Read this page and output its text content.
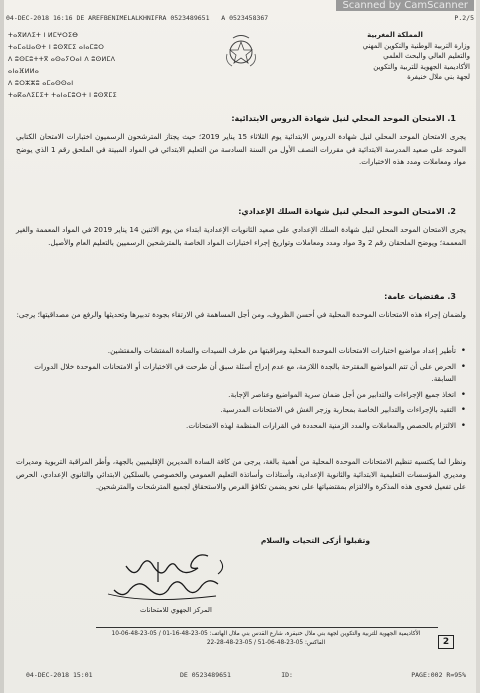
Scanned by CamScanner
04-DEC-2018 16:16 DE AREFBENIMELALKHNIFRA 0523489651 A 0523458367	P.2/5
ⵜⴰⴳⵍⴷⵉⵜ ⵏ ⵍⵎⵖⵔⵉⴱ
ⵜⴰⵎⴰⵡⴰⵙⵜ ⵏ ⵓⵙⴳⵎⵉ ⴰⵏⴰⵎⵓⵔ
ⴷ ⵓⵙⵎⵓⵜⵜⴳ ⴰⵙⴰⵢⵔⴰⵏ ⴷ ⵓⵙⵍⵎⴷ ⴰⵏⴰⴼⵍⵍⴰ
ⴷ ⵓⵔⵣⵣⵓ ⴰⵎⴰⵙⵙⴰⵏ
ⵜⴰⴽⴰⴷⵉⵎⵉⵜ ⵜⴰⵏⴰⵎⵓⵔⵜ ⵏ ⵓⵙⴳⵎⵉ
المملكة المغربية
وزارة التربية الوطنية والتكوين المهني
والتعليم العالي والبحث العلمي
الأكاديمية الجهوية للتربية والتكوين
لجهة بني ملال خنيفرة
1. الامتحان الموحد المحلي لنيل شهادة الدروس الابتدائية:

يجرى الامتحان الموحد المحلي لنيل شهادة الدروس الابتدائية يوم الثلاثاء 15 يناير 2019؛ حيث يجتاز المترشحون الرسميون اختبارات الامتحان الكتابي الموحد على صعيد المدرسة الابتدائية في مقررات النصف الأول من السنة السادسة من التعليم الابتدائي في المواد المبينة في الملحق رقم 1 الذي يوضح مواد ومعاملات ومدد هذه الاختبارات.

2. الامتحان الموحد المحلي لنيل شهادة السلك الإعدادي:

يجرى الامتحان الموحد المحلي لنيل شهادة السلك الإعدادي على صعيد الثانويات الإعدادية ابتداء من يوم الاثنين 14 يناير 2019 في المواد المعممة والغير المعممة؛ ويوضح الملحقان رقم 2 و3 مواد ومدد ومعاملات وتواريخ إجراء اختبارات المواد الخاصة بالمترشحين الرسميين بالتعليم العام والأصيل.

3. مقتضيات عامة:

ولضمان إجراء هذه الامتحانات الموحدة المحلية في أحسن الظروف، ومن أجل المساهمة في الارتقاء بجودة تدبيرها وتحديثها والرفع من مصداقيتها؛ يرجى:

• تأطير إعداد مواضيع اختبارات الامتحانات الموحدة المحلية ومراقبتها من طرف السيدات والسادة المفتشات والمفتشين.
• الحرص على أن تتم المواضيع المقترحة بالجدة اللازمة، مع عدم إدراج أسئلة سبق أن طرحت في الاختبارات أو الامتحانات الموحدة خلال الدورات السابقة.
• اتخاذ جميع الإجراءات والتدابير من أجل ضمان سرية المواضيع وعناصر الإجابة.
• التقيد بالإجراءات والتدابير الخاصة بمحاربة وزجر الغش في الامتحانات المدرسية.
• الالتزام بالحصص والمعاملات والمدد الزمنية المحددة في القرارات المنظمة لهذه الامتحانات.

ونظرا لما يكتسيه تنظيم الامتحانات الموحدة المحلية من أهمية بالغة، يرجى من كافة السادة المديرين الإقليميين بالجهة، وأطر المراقبة التربوية ومديرات ومديري المؤسسات التعليمية الابتدائية والثانوية الإعدادية، وأستاذات وأساتذة التعليم العمومي والخصوصي بالسلكين الابتدائي والثانوي الإعدادي، الحرص على تفعيل فحوى هذه المذكرة والالتزام بمقتضياتها على نحو يضمن تكافؤ الفرص والاستحقاق لجميع المترشحات والمترشحين.

وتقبلوا أزكى التحيات والسلام
المركز الجهوي للامتحانات
الأكاديمية الجهوية للتربية والتكوين لجهة بني ملال خنيفرة، شارع القدس بني ملال الهاتف: 05-23-48-16-01 / 05-23-48-06-10
الفاكس: 05-23-48-06-51 / 05-23-48-28-22	2
04-DEC-2018 15:01	DE 0523489651	ID:	PAGE:002 R=95%
